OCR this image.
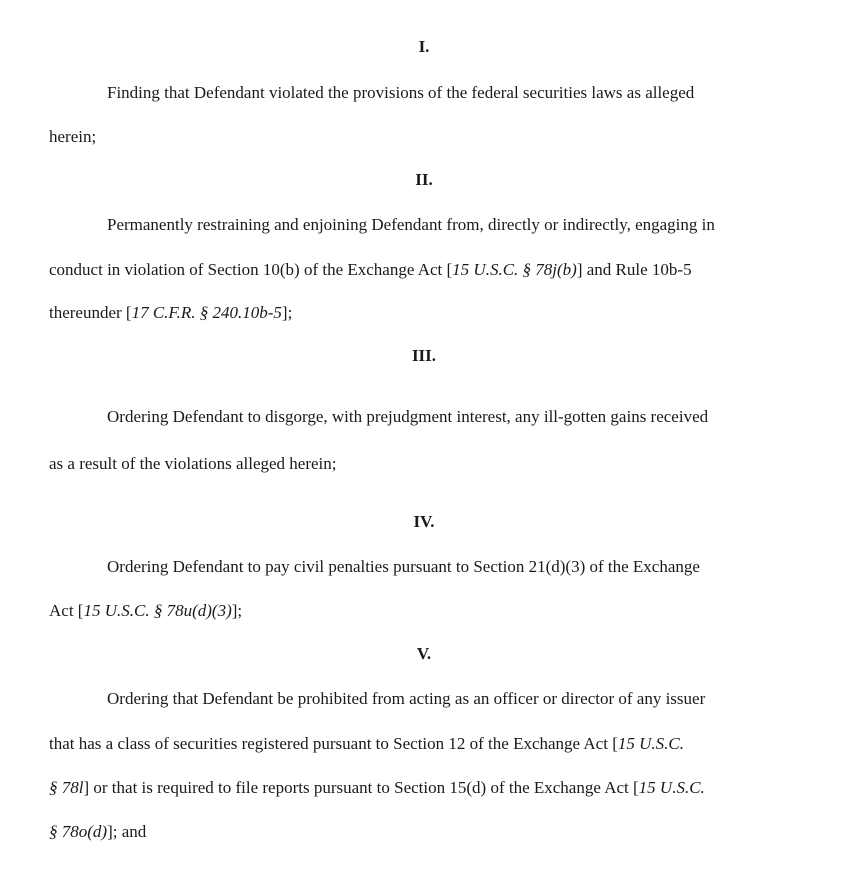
I.
Finding that Defendant violated the provisions of the federal securities laws as alleged
herein;
II.
Permanently restraining and enjoining Defendant from, directly or indirectly, engaging in
conduct in violation of Section 10(b) of the Exchange Act [15 U.S.C. § 78j(b)] and Rule 10b-5
thereunder [17 C.F.R. § 240.10b-5];
III.
Ordering Defendant to disgorge, with prejudgment interest, any ill-gotten gains received
as a result of the violations alleged herein;
IV.
Ordering Defendant to pay civil penalties pursuant to Section 21(d)(3) of the Exchange
Act [15 U.S.C. § 78u(d)(3)];
V.
Ordering that Defendant be prohibited from acting as an officer or director of any issuer
that has a class of securities registered pursuant to Section 12 of the Exchange Act [15 U.S.C.
§ 78l] or that is required to file reports pursuant to Section 15(d) of the Exchange Act [15 U.S.C.
§ 78o(d)]; and
